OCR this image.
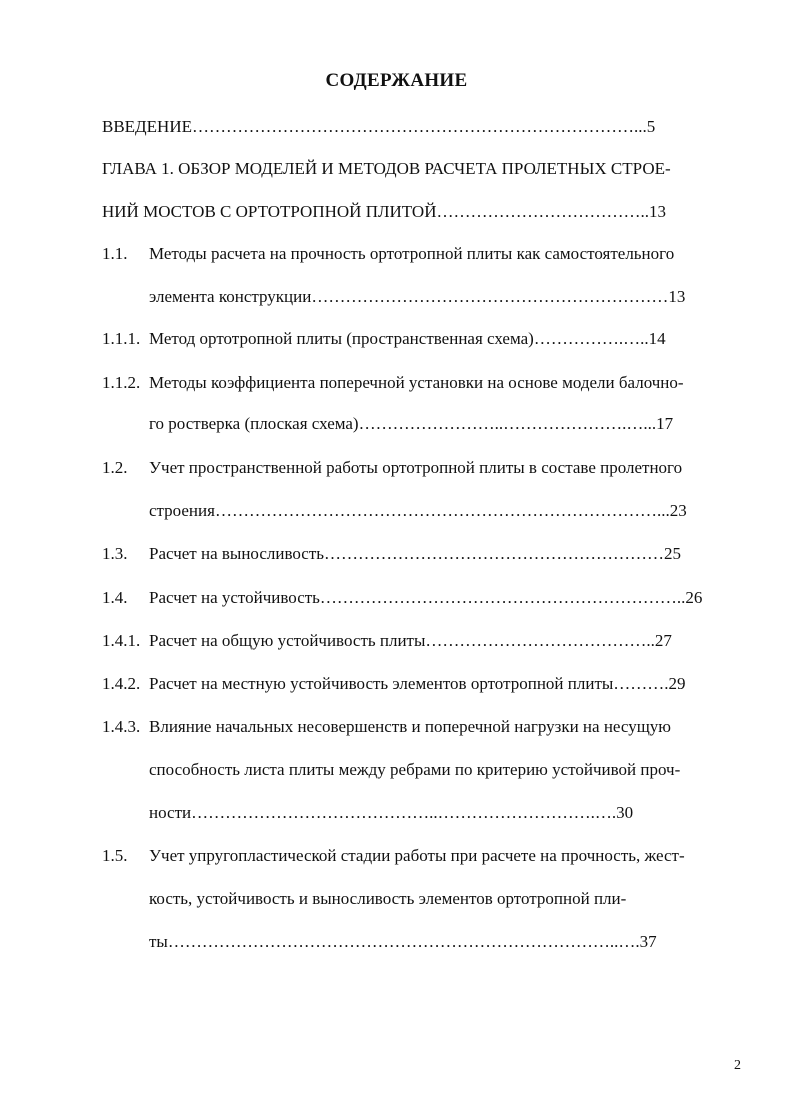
СОДЕРЖАНИЕ
ВВЕДЕНИЕ……………………………………………………………………...5
ГЛАВА 1. ОБЗОР МОДЕЛЕЙ И МЕТОДОВ РАСЧЕТА ПРОЛЕТНЫХ СТРОЕ-
НИЙ МОСТОВ С ОРТОТРОПНОЙ ПЛИТОЙ………………………………..13
1.1. Методы расчета на прочность ортотропной плиты как самостоятельного
элемента конструкции………………………………………………………13
1.1.1. Метод ортотропной плиты (пространственная схема)…………….…..14
1.1.2. Методы коэффициента поперечной установки на основе модели балочно-
го ростверка (плоская схема)……………………..………………….…...17
1.2. Учет пространственной работы ортотропной плиты в составе пролетного
строения……………………………………………………………………...23
1.3. Расчет на выносливость……………………………………………………25
1.4. Расчет на устойчивость………………………………………………………..26
1.4.1. Расчет на общую устойчивость плиты…………………………………..27
1.4.2. Расчет на местную устойчивость элементов ортотропной плиты……….29
1.4.3. Влияние начальных несовершенств и поперечной нагрузки на несущую
способность листа плиты между ребрами по критерию устойчивой проч-
ности……………………………………..……………………….….30
1.5. Учет упругопластической стадии работы при расчете на прочность, жест-
кость, устойчивость и выносливость элементов ортотропной пли-
ты……………………………………………………………………..….37
2
